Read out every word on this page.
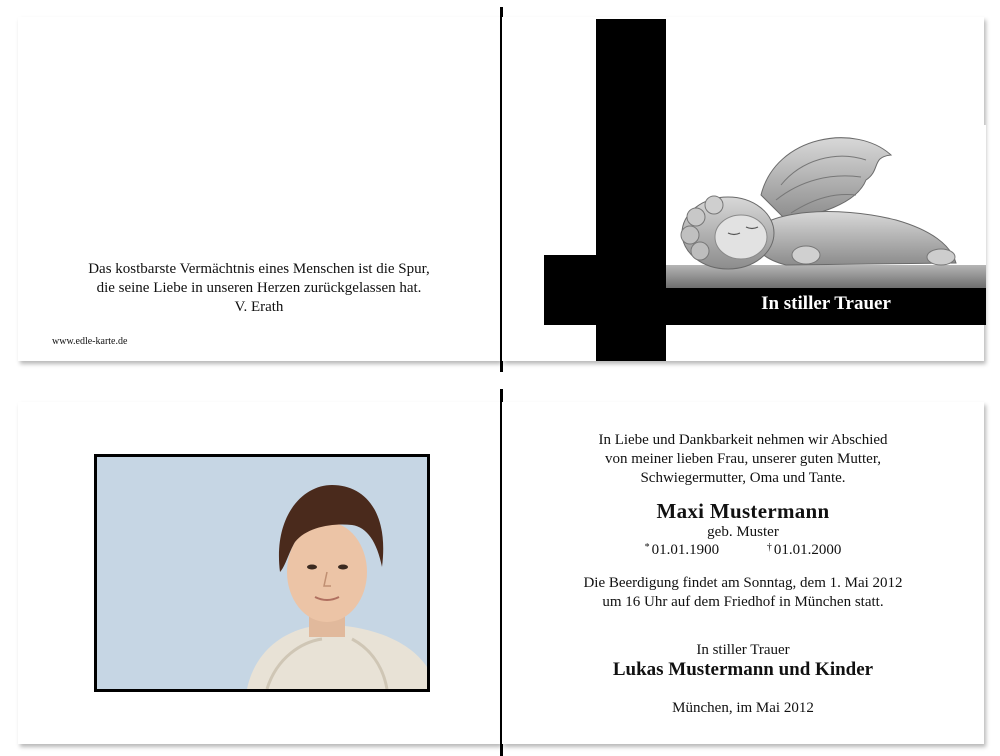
Das kostbarste Vermächtnis eines Menschen ist die Spur,
die seine Liebe in unseren Herzen zurückgelassen hat.
V. Erath
www.edle-karte.de
In stiller Trauer
In Liebe und Dankbarkeit nehmen wir Abschied
von meiner lieben Frau, unserer guten Mutter,
Schwiegermutter, Oma und Tante.
Maxi Mustermann
geb. Muster
* 01.01.1900	† 01.01.2000
Die Beerdigung findet am Sonntag, dem 1. Mai 2012
um 16 Uhr auf dem Friedhof in München statt.
In stiller Trauer
Lukas Mustermann und Kinder
München, im Mai 2012
